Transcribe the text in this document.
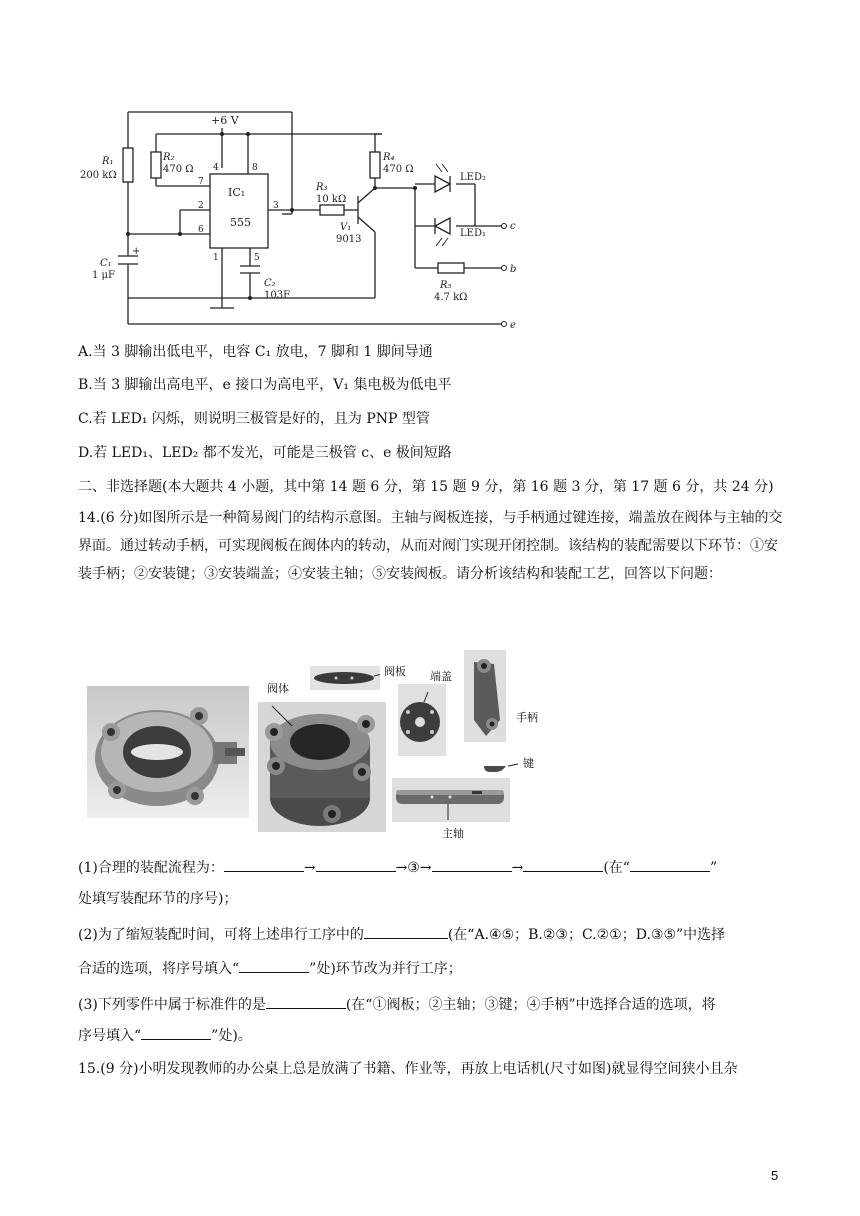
+6 V
R₁
200 kΩ
R₂
470 Ω
R₃
10 kΩ
R₄
470 Ω
R₅
4.7 kΩ
C₁
1 μF
+
C₂
103F
IC₁
555	V₁
9013
LED₂
LED₁
4	8
7
2
6
3
1	5
c
b
e
A.当 3 脚输出低电平，电容 C₁ 放电，7 脚和 1 脚间导通
B.当 3 脚输出高电平，e 接口为高电平，V₁ 集电极为低电平
C.若 LED₁ 闪烁，则说明三极管是好的，且为 PNP 型管
D.若 LED₁、LED₂ 都不发光，可能是三极管 c、e 极间短路
二、非选择题(本大题共 4 小题，其中第 14 题 6 分，第 15 题 9 分，第 16 题 3 分，第 17 题 6 分，共 24 分)
14.(6 分)如图所示是一种简易阀门的结构示意图。主轴与阀板连接，与手柄通过键连接，端盖放在阀体与主轴的交界面。通过转动手柄，可实现阀板在阀体内的转动，从而对阀门实现开闭控制。该结构的装配需要以下环节：①安装手柄；②安装键；③安装端盖；④安装主轴；⑤安装阀板。请分析该结构和装配工艺，回答以下问题：
阀体
阀板 端盖
手柄
键
主轴
(1)合理的装配流程为：	→	→③→	→	(在“	”
处填写装配环节的序号)；
(2)为了缩短装配时间，可将上述串行工序中的	(在“A.④⑤；B.②③；C.②①；D.③⑤”中选择
合适的选项，将序号填入“	”处)环节改为并行工序；
(3)下列零件中属于标准件的是	(在“①阀板；②主轴；③键；④手柄”中选择合适的选项，将
序号填入“	”处)。
15.(9 分)小明发现教师的办公桌上总是放满了书籍、作业等，再放上电话机(尺寸如图)就显得空间狭小且杂
5
